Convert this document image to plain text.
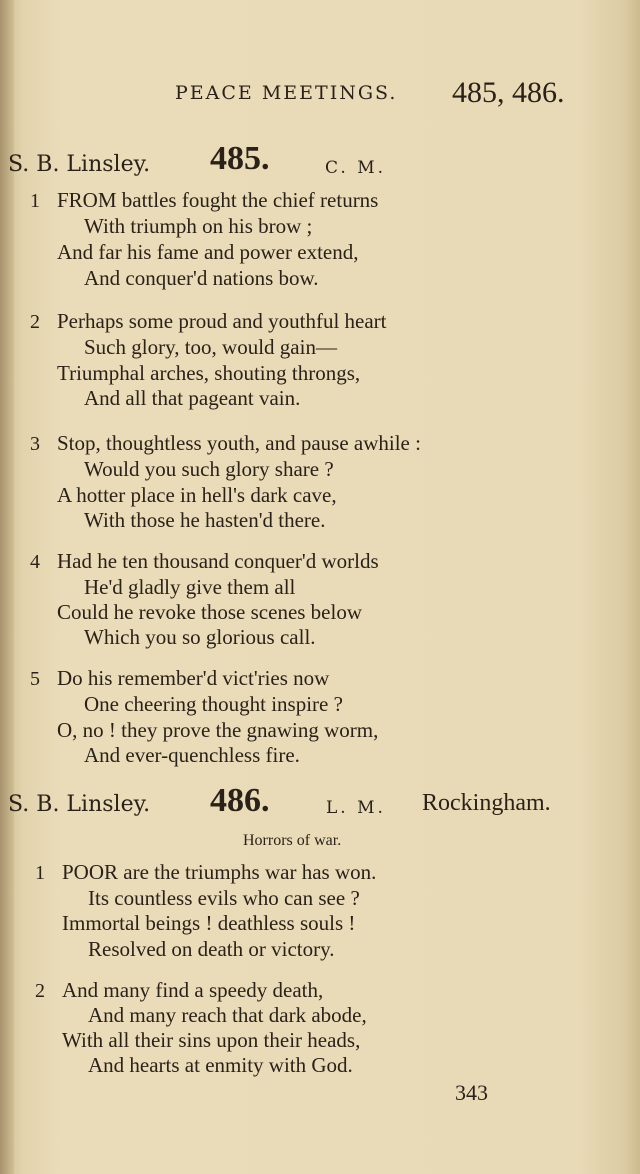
PEACE MEETINGS. 485, 486.
S. B. Linsley. 485.	C. M.
1 FROM battles fought the chief returns
With triumph on his brow ;
And far his fame and power extend,
And conquer'd nations bow.
2 Perhaps some proud and youthful heart
Such glory, too, would gain—
Triumphal arches, shouting throngs,
And all that pageant vain.
3 Stop, thoughtless youth, and pause awhile :
Would you such glory share ?
A hotter place in hell's dark cave,
With those he hasten'd there.
4 Had he ten thousand conquer'd worlds
He'd gladly give them all
Could he revoke those scenes below
Which you so glorious call.
5 Do his remember'd vict'ries now
One cheering thought inspire ?
O, no ! they prove the gnawing worm,
And ever-quenchless fire.
S. B. Linsley. 486.	L. M. Rockingham.
Horrors of war.
1 POOR are the triumphs war has won.
Its countless evils who can see ?
Immortal beings ! deathless souls !
Resolved on death or victory.
2 And many find a speedy death,
And many reach that dark abode,
With all their sins upon their heads,
And hearts at enmity with God.
343
